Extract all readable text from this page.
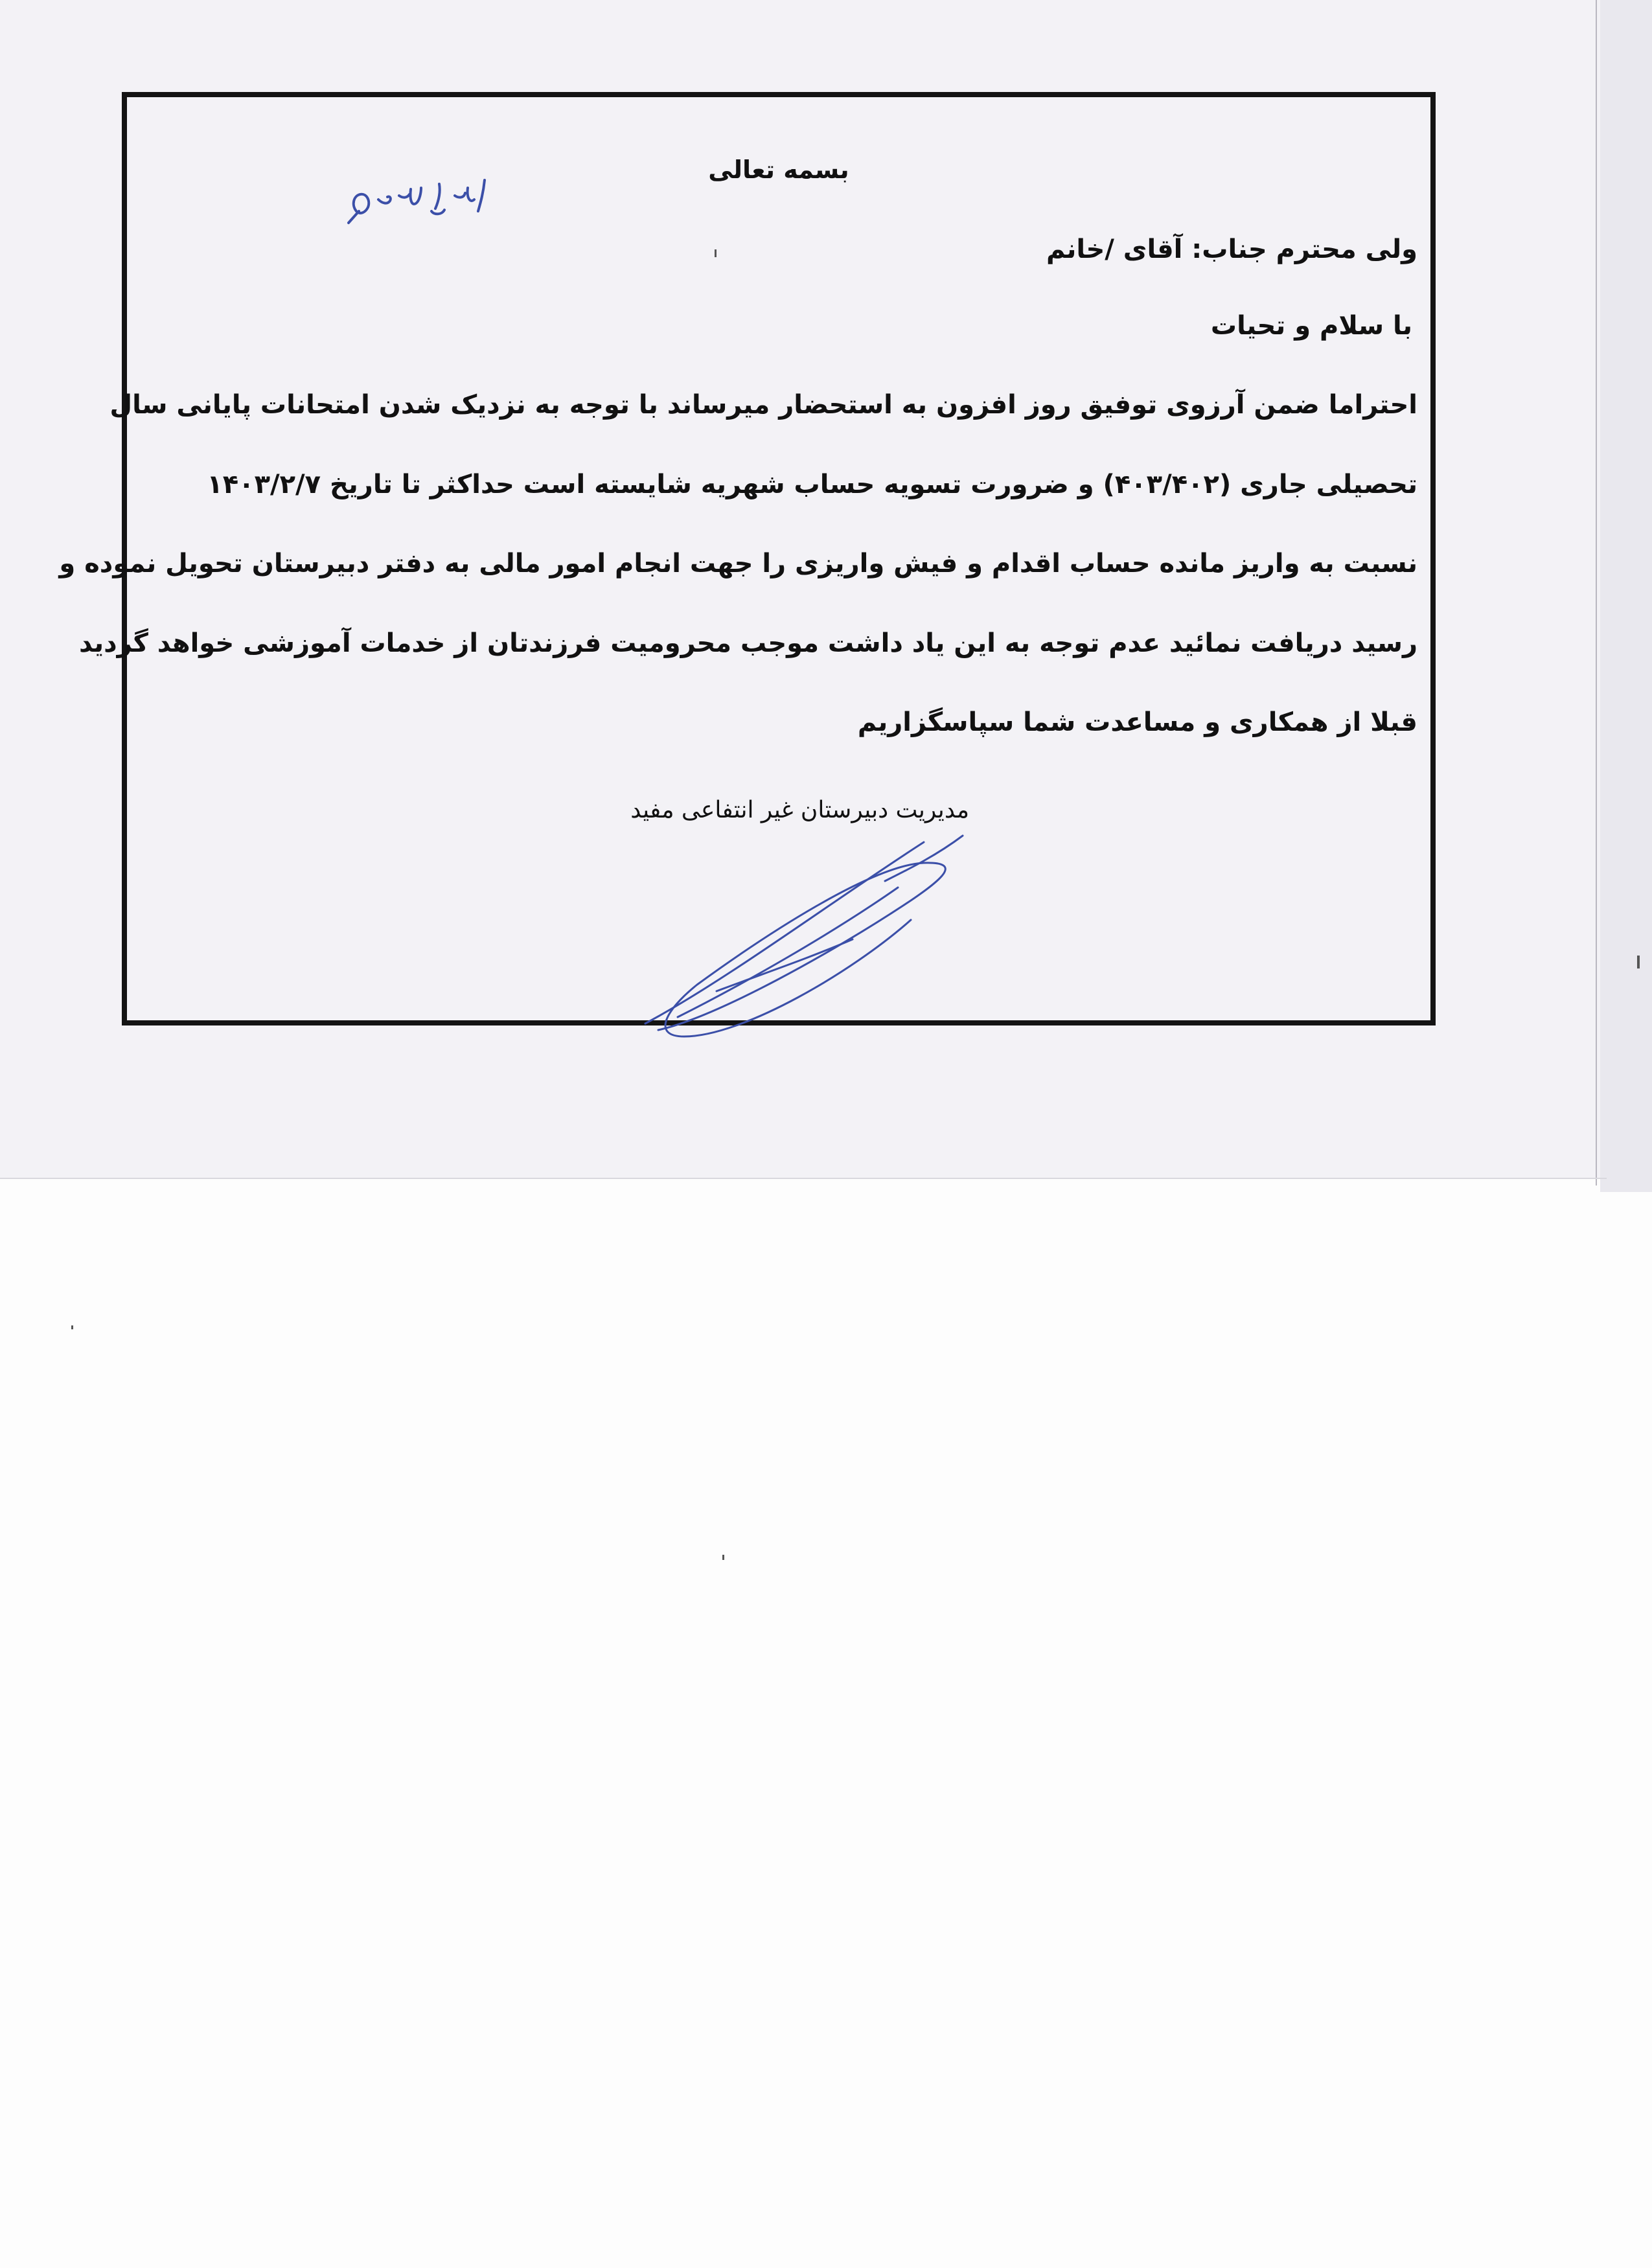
بسمه تعالی
ولی محترم جناب: آقای /خانم
با سلام و تحیات
احتراما ضمن آرزوی توفیق روز افزون به استحضار میرساند با توجه به نزدیک شدن امتحانات پایانی سال
تحصیلی جاری (۴۰۳/۴۰۲) و ضرورت تسویه حساب شهریه شایسته است حداکثر تا تاریخ ۱۴۰۳/۲/۷
نسبت به واریز مانده حساب اقدام و فیش واریزی را جهت انجام امور مالی به دفتر دبیرستان تحویل نموده و
رسید دریافت نمائید عدم توجه به این یاد داشت موجب محرومیت فرزندتان از خدمات آموزشی خواهد گردید
قبلا از همکاری و مساعدت شما سپاسگزاریم
مدیریت دبیرستان غیر انتفاعی مفید
